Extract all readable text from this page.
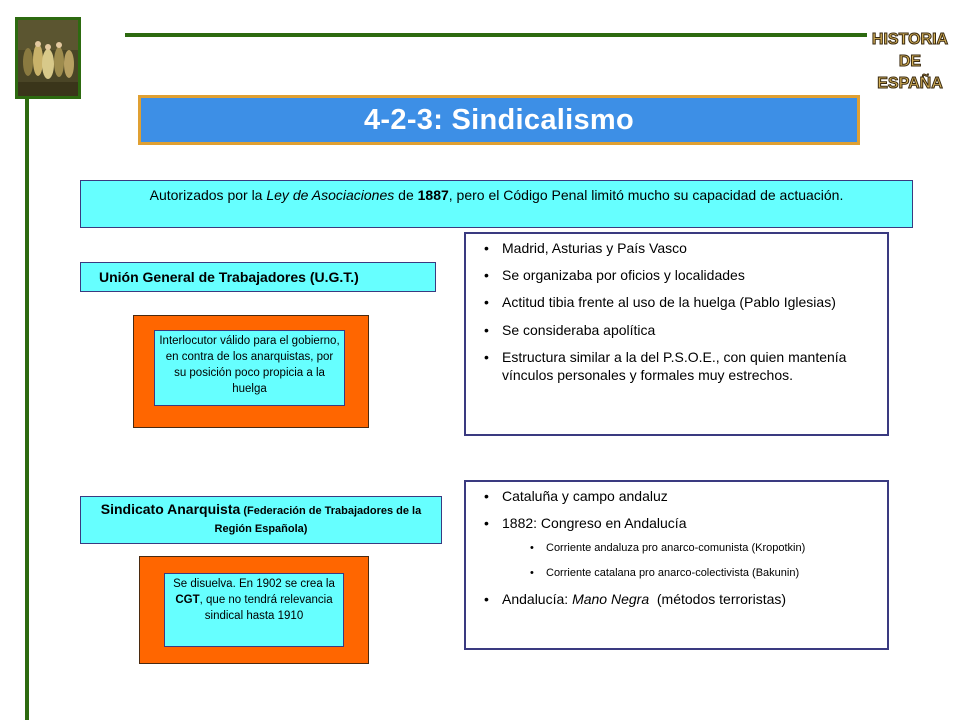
HISTORIA
DE
ESPAÑA
4-2-3: Sindicalismo
Autorizados por la Ley de Asociaciones de 1887, pero el Código Penal limitó mucho su capacidad de actuación.
Unión General de Trabajadores (U.G.T.)
Interlocutor válido para el gobierno, en contra de los anarquistas, por su posición poco propicia a la huelga
• Madrid, Asturias y País Vasco
• Se organizaba por oficios y localidades
• Actitud tibia frente al uso de la huelga (Pablo Iglesias)
• Se consideraba apolítica
• Estructura similar a la del P.S.O.E., con quien mantenía vínculos personales y formales muy estrechos.
Sindicato Anarquista (Federación de Trabajadores de la Región Española)
Se disuelva. En 1902 se crea la CGT, que no tendrá relevancia sindical hasta 1910
• Cataluña y campo andaluz
• 1882: Congreso en Andalucía
• Corriente andaluza pro anarco-comunista (Kropotkin)
• Corriente catalana pro anarco-colectivista (Bakunin)
• Andalucía: Mano Negra  (métodos terroristas)
